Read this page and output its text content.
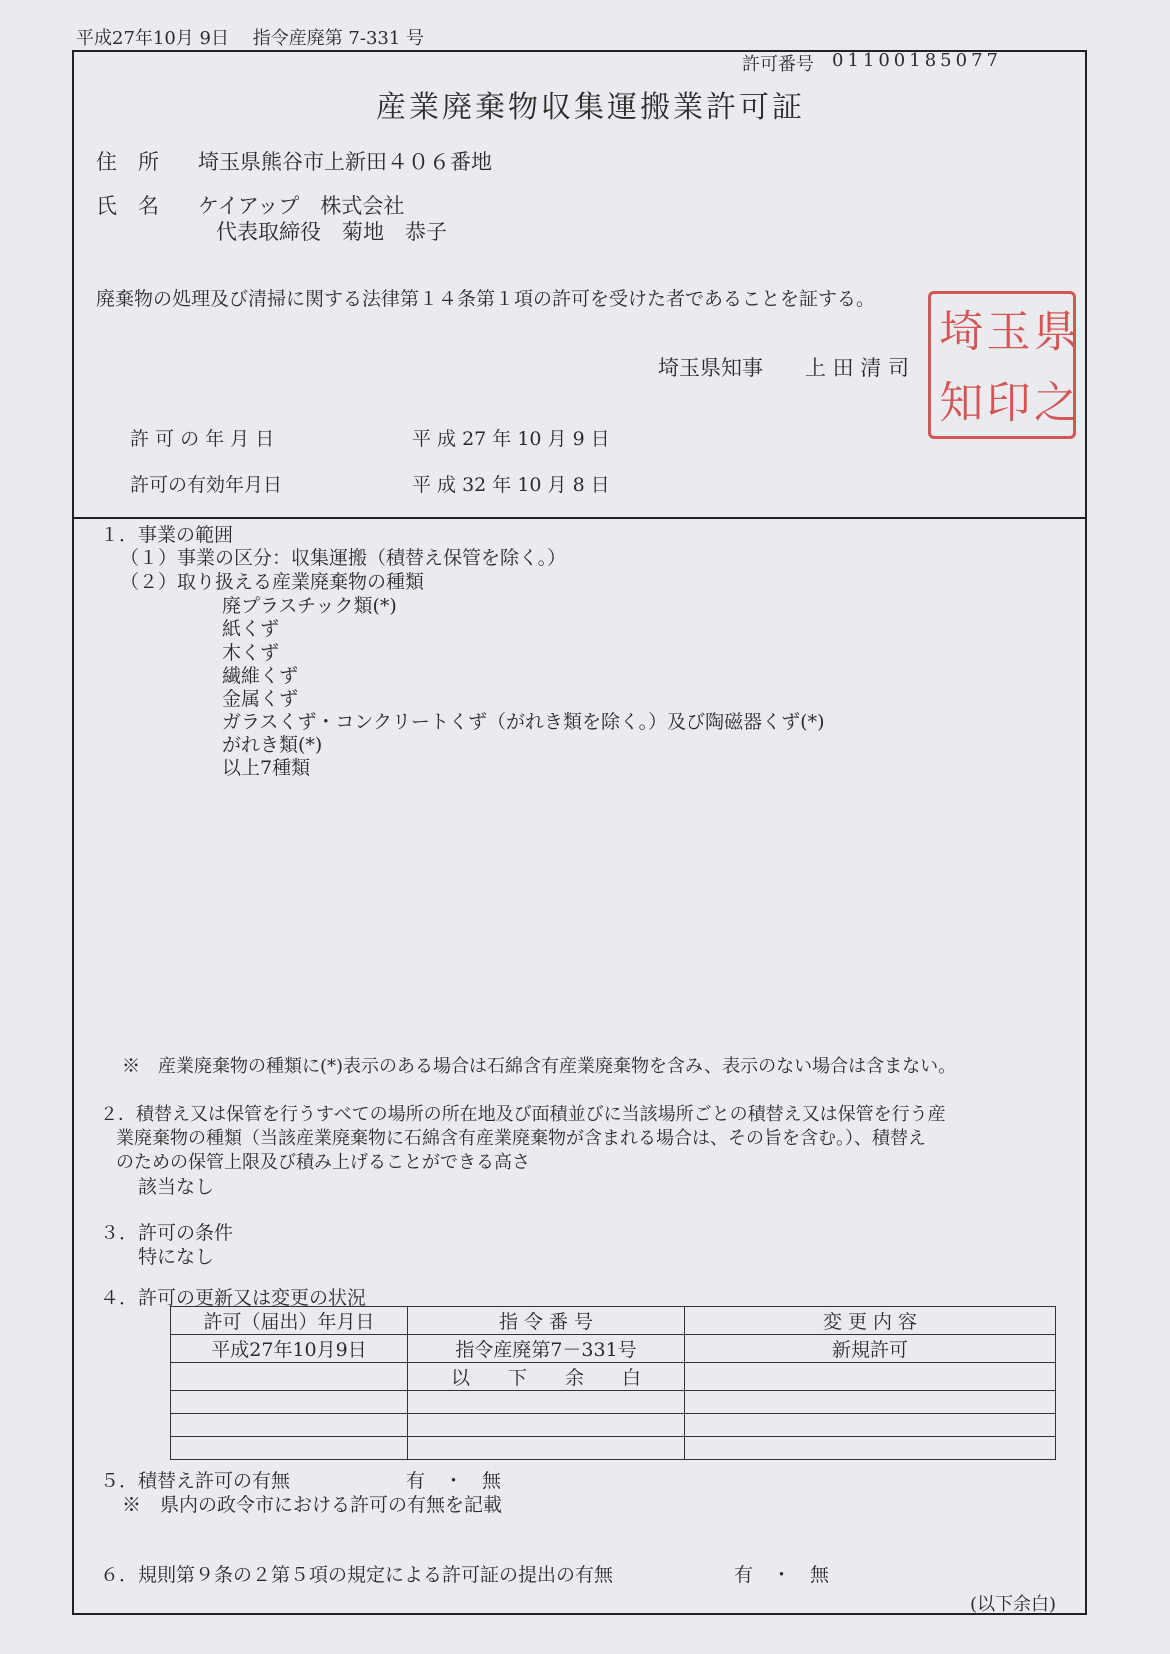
平成27年10月 9日　 指令産廃第 7-331 号
許可番号 01100185077
産業廃棄物収集運搬業許可証
住　所 埼玉県熊谷市上新田４０６番地
氏　名 ケイアップ　株式会社
代表取締役　菊地　恭子
廃棄物の処理及び清掃に関する法律第１４条第１項の許可を受けた者であることを証する。
埼玉県知事　　上 田 清 司
埼
玉
県
知
印
之
許 可 の 年 月 日	平 成 27 年 10 月 9 日
許可の有効年月日	平 成 32 年 10 月 8 日
１．事業の範囲
（１）事業の区分：収集運搬（積替え保管を除く。）
（２）取り扱える産業廃棄物の種類
廃プラスチック類(*)
紙くず
木くず
繊維くず
金属くず
ガラスくず・コンクリートくず（がれき類を除く。）及び陶磁器くず(*)
がれき類(*)
以上7種類
※　産業廃棄物の種類に(*)表示のある場合は石綿含有産業廃棄物を含み、表示のない場合は含まない。
２．積替え又は保管を行うすべての場所の所在地及び面積並びに当該場所ごとの積替え又は保管を行う産
業廃棄物の種類（当該産業廃棄物に石綿含有産業廃棄物が含まれる場合は、その旨を含む。）、積替え
のための保管上限及び積み上げることができる高さ
該当なし
３．許可の条件
特になし
４．許可の更新又は変更の状況
許可（届出）年月日	指 令 番 号	変 更 内 容
平成27年10月9日	指令産廃第7－331号	新規許可
	以　　下　　余　　白	

５．積替え許可の有無	有　・　無
※　県内の政令市における許可の有無を記載
６．規則第９条の２第５項の規定による許可証の提出の有無	有　・　無
(以下余白)
